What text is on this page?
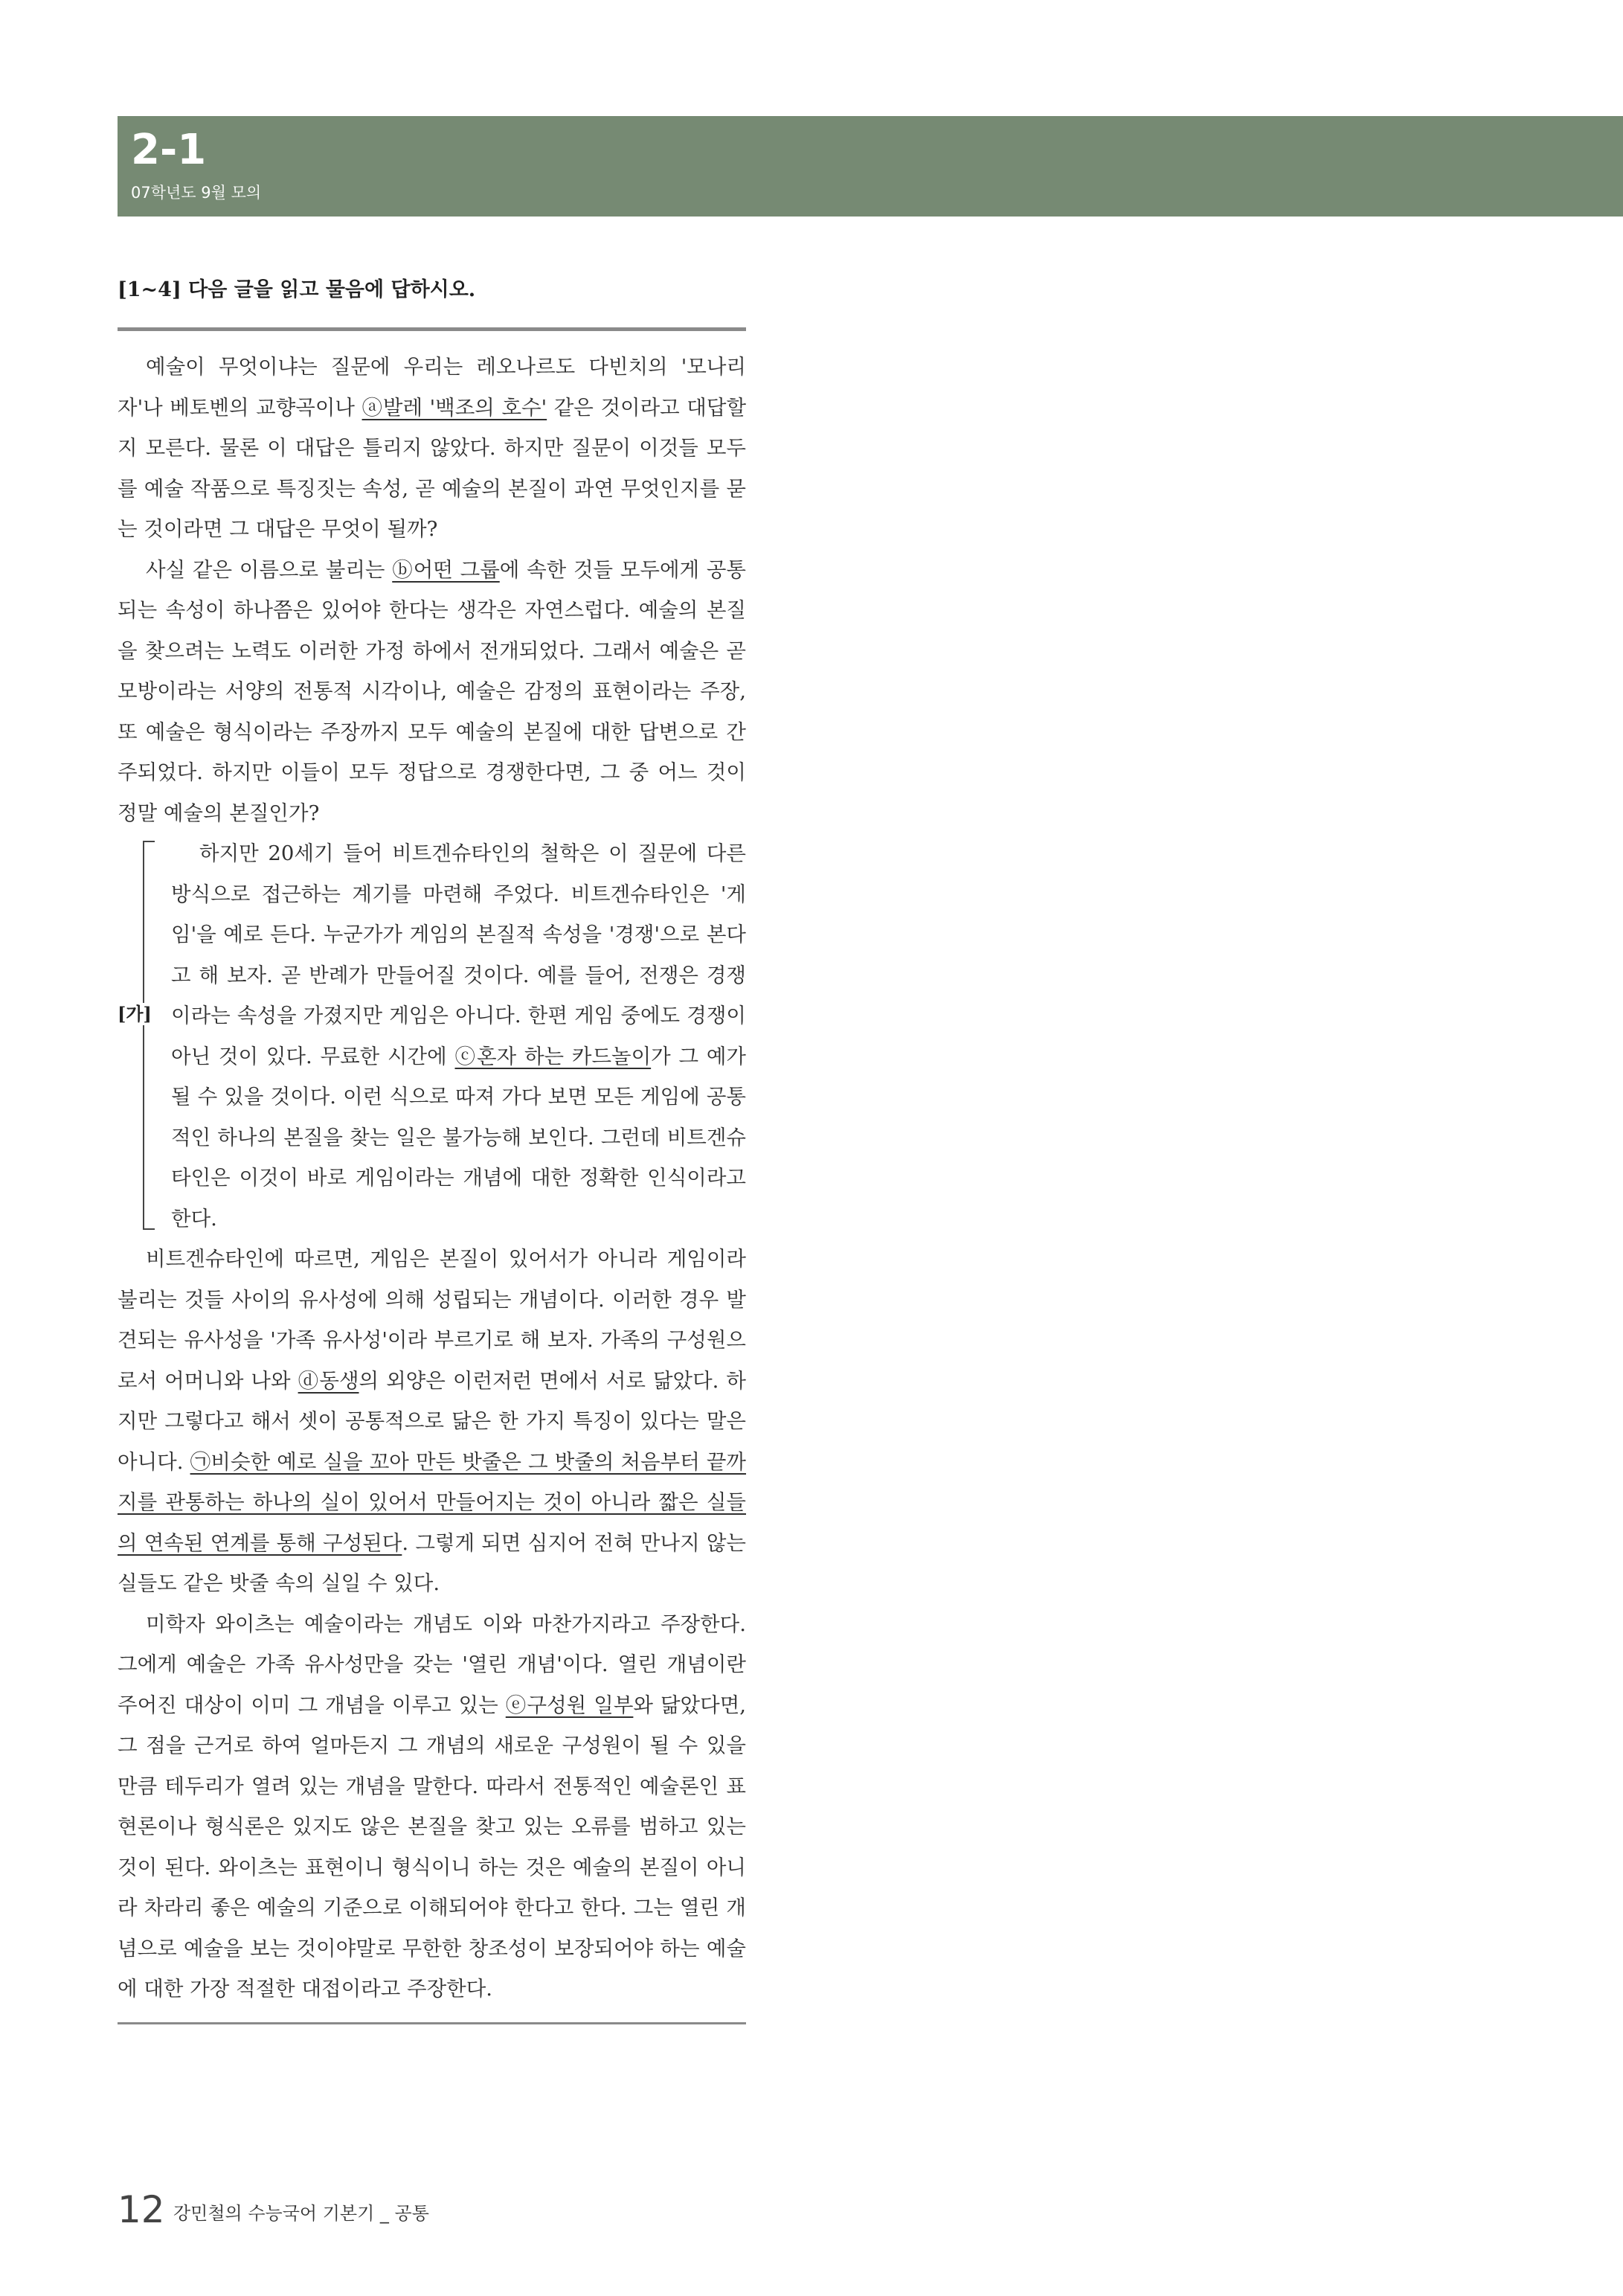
2-1
07학년도 9월 모의
[1~4] 다음 글을 읽고 물음에 답하시오.

예술이 무엇이냐는 질문에 우리는 레오나르도 다빈치의 '모나리자'나 베토벤의 교향곡이나 ⓐ발레 '백조의 호수' 같은 것이라고 대답할지 모른다. 물론 이 대답은 틀리지 않았다. 하지만 질문이 이것들 모두를 예술 작품으로 특징짓는 속성, 곧 예술의 본질이 과연 무엇인지를 묻는 것이라면 그 대답은 무엇이 될까?

사실 같은 이름으로 불리는 ⓑ어떤 그룹에 속한 것들 모두에게 공통되는 속성이 하나쯤은 있어야 한다는 생각은 자연스럽다. 예술의 본질을 찾으려는 노력도 이러한 가정 하에서 전개되었다. 그래서 예술은 곧 모방이라는 서양의 전통적 시각이나, 예술은 감정의 표현이라는 주장, 또 예술은 형식이라는 주장까지 모두 예술의 본질에 대한 답변으로 간주되었다. 하지만 이들이 모두 정답으로 경쟁한다면, 그 중 어느 것이 정말 예술의 본질인가?

[가]

하지만 20세기 들어 비트겐슈타인의 철학은 이 질문에 다른 방식으로 접근하는 계기를 마련해 주었다. 비트겐슈타인은 '게임'을 예로 든다. 누군가가 게임의 본질적 속성을 '경쟁'으로 본다고 해 보자. 곧 반례가 만들어질 것이다. 예를 들어, 전쟁은 경쟁이라는 속성을 가졌지만 게임은 아니다. 한편 게임 중에도 경쟁이 아닌 것이 있다. 무료한 시간에 ⓒ혼자 하는 카드놀이가 그 예가 될 수 있을 것이다. 이런 식으로 따져 가다 보면 모든 게임에 공통적인 하나의 본질을 찾는 일은 불가능해 보인다. 그런데 비트겐슈타인은 이것이 바로 게임이라는 개념에 대한 정확한 인식이라고 한다.

비트겐슈타인에 따르면, 게임은 본질이 있어서가 아니라 게임이라 불리는 것들 사이의 유사성에 의해 성립되는 개념이다. 이러한 경우 발견되는 유사성을 '가족 유사성'이라 부르기로 해 보자. 가족의 구성원으로서 어머니와 나와 ⓓ동생의 외양은 이런저런 면에서 서로 닮았다. 하지만 그렇다고 해서 셋이 공통적으로 닮은 한 가지 특징이 있다는 말은 아니다. ㉠비슷한 예로 실을 꼬아 만든 밧줄은 그 밧줄의 처음부터 끝까지를 관통하는 하나의 실이 있어서 만들어지는 것이 아니라 짧은 실들의 연속된 연계를 통해 구성된다. 그렇게 되면 심지어 전혀 만나지 않는 실들도 같은 밧줄 속의 실일 수 있다.

미학자 와이츠는 예술이라는 개념도 이와 마찬가지라고 주장한다. 그에게 예술은 가족 유사성만을 갖는 '열린 개념'이다. 열린 개념이란 주어진 대상이 이미 그 개념을 이루고 있는 ⓔ구성원 일부와 닮았다면, 그 점을 근거로 하여 얼마든지 그 개념의 새로운 구성원이 될 수 있을 만큼 테두리가 열려 있는 개념을 말한다. 따라서 전통적인 예술론인 표현론이나 형식론은 있지도 않은 본질을 찾고 있는 오류를 범하고 있는 것이 된다. 와이츠는 표현이니 형식이니 하는 것은 예술의 본질이 아니라 차라리 좋은 예술의 기준으로 이해되어야 한다고 한다. 그는 열린 개념으로 예술을 보는 것이야말로 무한한 창조성이 보장되어야 하는 예술에 대한 가장 적절한 대접이라고 주장한다.

12 강민철의 수능국어 기본기 _ 공통
